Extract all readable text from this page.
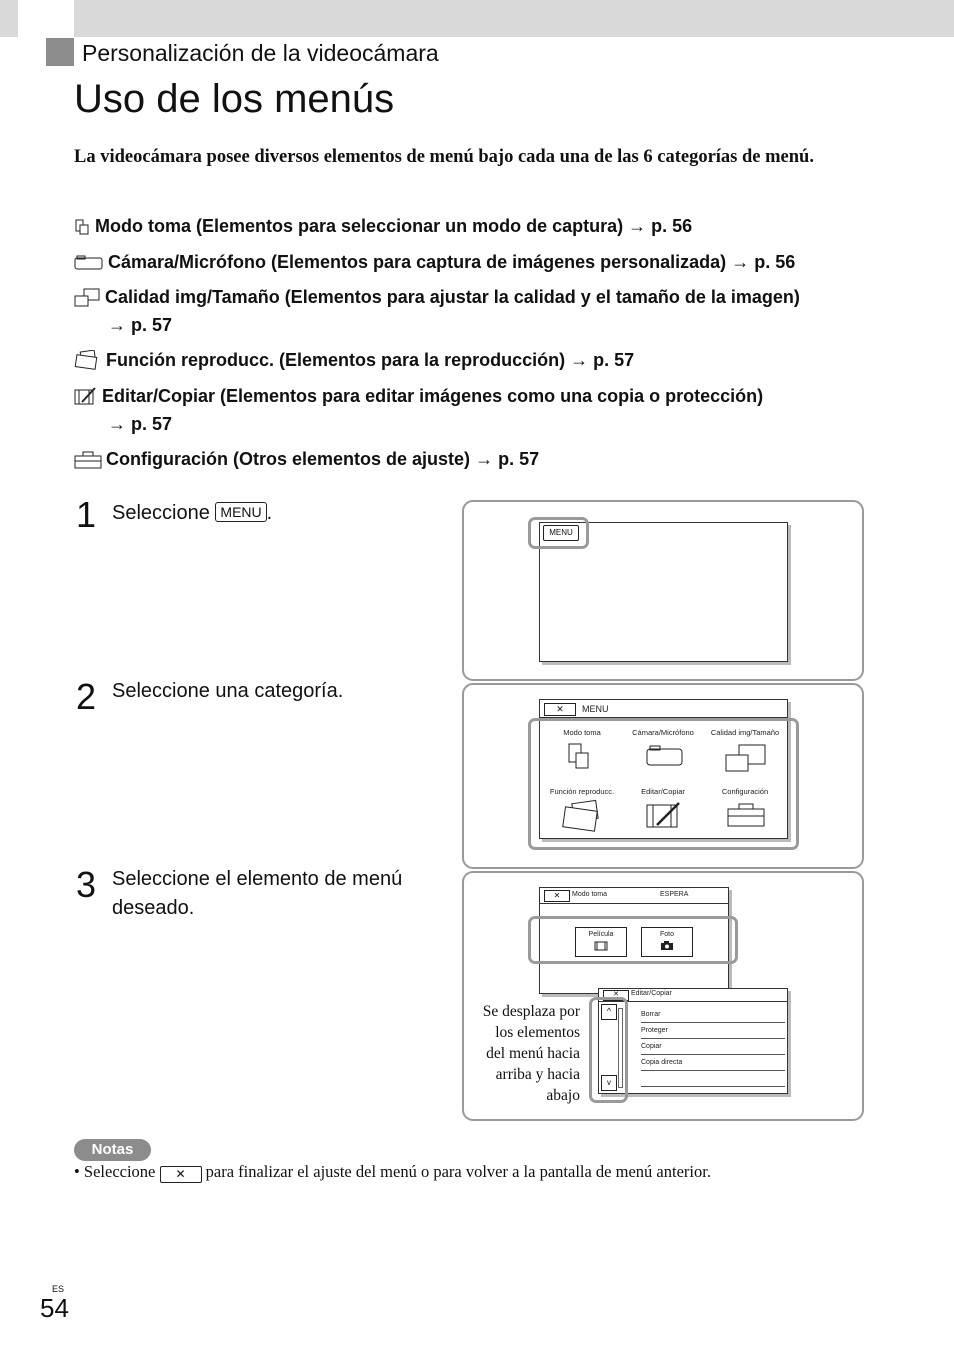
Personalización de la videocámara
Uso de los menús
La videocámara posee diversos elementos de menú bajo cada una de las 6 categorías de menú.
Modo toma (Elementos para seleccionar un modo de captura) → p. 56
Cámara/Micrófono (Elementos para captura de imágenes personalizada) → p. 56
Calidad img/Tamaño (Elementos para ajustar la calidad y el tamaño de la imagen)
→ p. 57
Función reproducc. (Elementos para la reproducción) → p. 57
Editar/Copiar (Elementos para editar imágenes como una copia o protección)
→ p. 57
Configuración (Otros elementos de ajuste) → p. 57
1 Seleccione MENU .
2 Seleccione una categoría.
3 Seleccione el elemento de menú
deseado.
MENU
✕	MENU
Modo toma	Cámara/Micrófono	Calidad img/Tamaño
Función reproducc.	Editar/Copiar	Configuración
✕	Modo toma	ESPERA
Película	Foto
✕	Editar/Copiar
^
v
Borrar
Proteger
Copiar
Copia directa
Se desplaza por
los elementos
del menú hacia
arriba y hacia
abajo
Notas
• Seleccione ✕ para finalizar el ajuste del menú o para volver a la pantalla de menú anterior.
ES
54
